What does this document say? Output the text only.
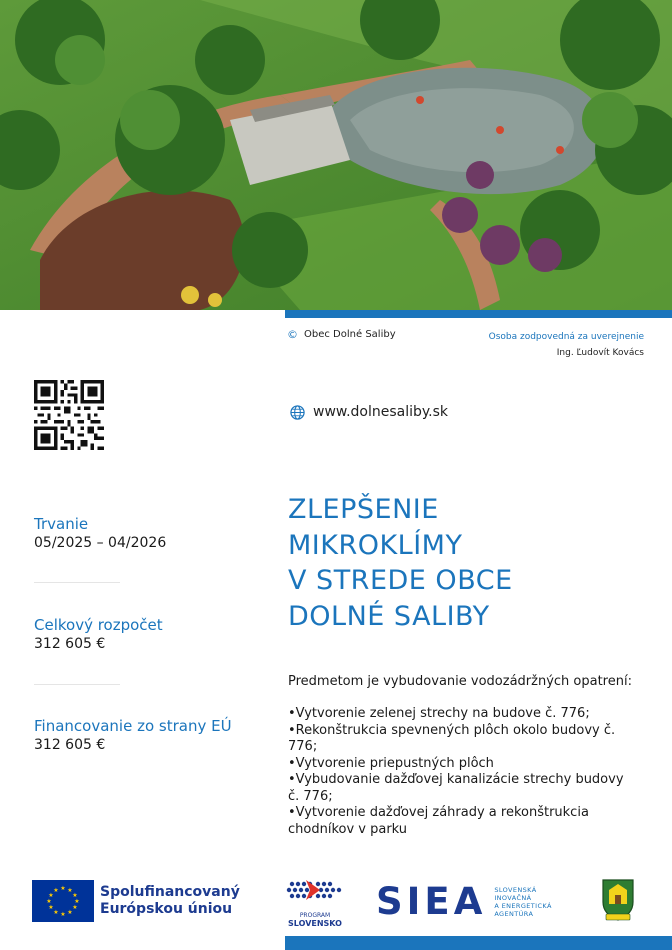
© Obec Dolné Saliby	Osoba zodpovedná za uverejnenie
Ing. Ľudovít Kovács
www.dolnesaliby.sk
Trvanie
05/2025 – 04/2026
Celkový rozpočet
312 605 €
Financovanie zo strany EÚ
312 605 €
ZLEPŠENIE
MIKROKLÍMY
V STREDE OBCE
DOLNÉ SALIBY
Predmetom je vybudovanie vodozádržných opatrení:
•Vytvorenie zelenej strechy na budove č. 776;
•Rekonštrukcia spevnených plôch okolo budovy č. 776;
•Vytvorenie priepustných plôch
•Vybudovanie dažďovej kanalizácie strechy budovy č. 776;
•Vytvorenie dažďovej záhrady a rekonštrukcia chodníkov v parku
★ ★
★
★
★
★
★
★
★
★
★
★	Spolufinancovaný
Európskou úniou	PROGRAM
SLOVENSKO
SIEA SLOVENSKÁ
INOVAČNÁ
A ENERGETICKÁ
AGENTÚRA
